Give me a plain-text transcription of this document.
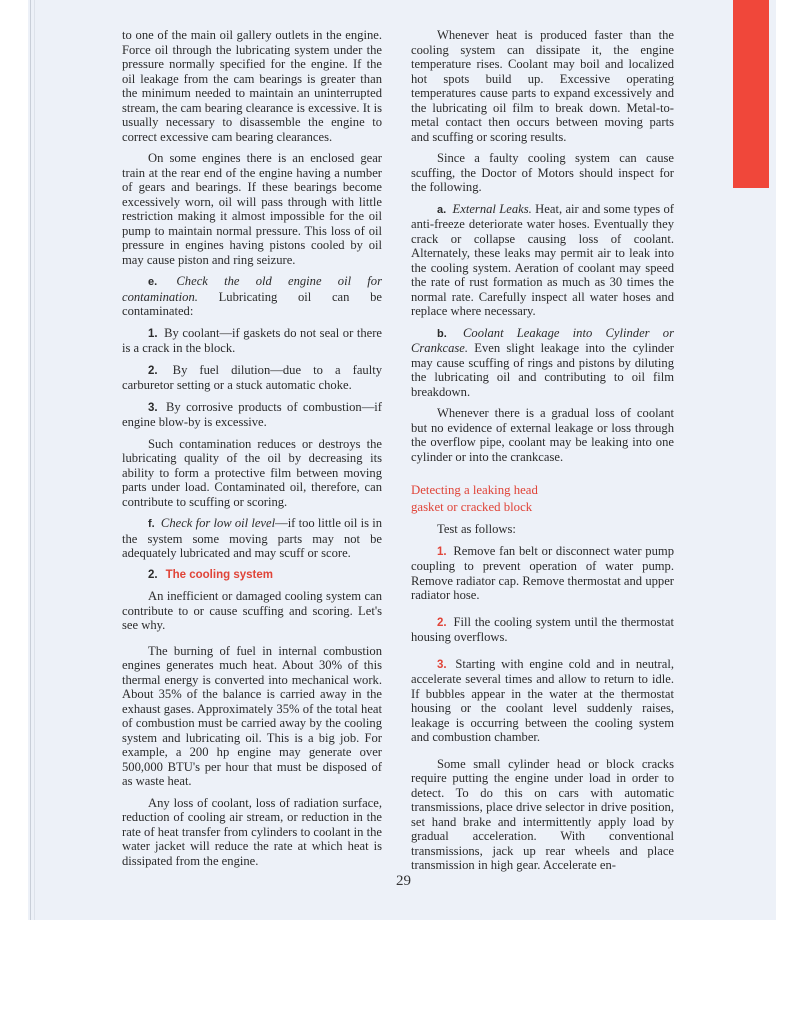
to one of the main oil gallery outlets in the engine. Force oil through the lubricating system under the pressure normally specified for the engine. If the oil leakage from the cam bearings is greater than the minimum needed to maintain an uninterrupted stream, the cam bearing clearance is excessive. It is usually necessary to disassemble the engine to correct excessive cam bearing clearances.

On some engines there is an enclosed gear train at the rear end of the engine having a number of gears and bearings. If these bearings become excessively worn, oil will pass through with little restriction making it almost impossible for the oil pump to maintain normal pressure. This loss of oil pressure in engines having pistons cooled by oil may cause piston and ring seizure.

e. Check the old engine oil for contamination. Lubricating oil can be contaminated:

1. By coolant—if gaskets do not seal or there is a crack in the block.

2. By fuel dilution—due to a faulty carburetor setting or a stuck automatic choke.

3. By corrosive products of combustion—if engine blow-by is excessive.

Such contamination reduces or destroys the lubricating quality of the oil by decreasing its ability to form a protective film between moving parts under load. Contaminated oil, therefore, can contribute to scuffing or scoring.

f. Check for low oil level—if too little oil is in the system some moving parts may not be adequately lubricated and may scuff or score.

2. The cooling system

An inefficient or damaged cooling system can contribute to or cause scuffing and scoring. Let's see why.

The burning of fuel in internal combustion engines generates much heat. About 30% of this thermal energy is converted into mechanical work. About 35% of the balance is carried away in the exhaust gases. Approximately 35% of the total heat of combustion must be carried away by the cooling system and lubricating oil. This is a big job. For example, a 200 hp engine may generate over 500,000 BTU's per hour that must be disposed of as waste heat.

Any loss of coolant, loss of radiation surface, reduction of cooling air stream, or reduction in the rate of heat transfer from cylinders to coolant in the water jacket will reduce the rate at which heat is dissipated from the engine.

Whenever heat is produced faster than the cooling system can dissipate it, the engine temperature rises. Coolant may boil and localized hot spots build up. Excessive operating temperatures cause parts to expand excessively and the lubricating oil film to break down. Metal-to-metal contact then occurs between moving parts and scuffing or scoring results.

Since a faulty cooling system can cause scuffing, the Doctor of Motors should inspect for the following.

a. External Leaks. Heat, air and some types of anti-freeze deteriorate water hoses. Eventually they crack or collapse causing loss of coolant. Alternately, these leaks may permit air to leak into the cooling system. Aeration of coolant may speed the rate of rust formation as much as 30 times the normal rate. Carefully inspect all water hoses and replace where necessary.

b. Coolant Leakage into Cylinder or Crankcase. Even slight leakage into the cylinder may cause scuffing of rings and pistons by diluting the lubricating oil and contributing to oil film breakdown.

Whenever there is a gradual loss of coolant but no evidence of external leakage or loss through the overflow pipe, coolant may be leaking into one cylinder or into the crankcase.

Detecting a leaking head
gasket or cracked block

Test as follows:

1. Remove fan belt or disconnect water pump coupling to prevent operation of water pump. Remove radiator cap. Remove thermostat and upper radiator hose.

2. Fill the cooling system until the thermostat housing overflows.

3. Starting with engine cold and in neutral, accelerate several times and allow to return to idle. If bubbles appear in the water at the thermostat housing or the coolant level suddenly raises, leakage is occurring between the cooling system and combustion chamber.

Some small cylinder head or block cracks require putting the engine under load in order to detect. To do this on cars with automatic transmissions, place drive selector in drive position, set hand brake and intermittently apply load by gradual acceleration. With conventional transmissions, jack up rear wheels and place transmission in high gear. Accelerate en-

29
